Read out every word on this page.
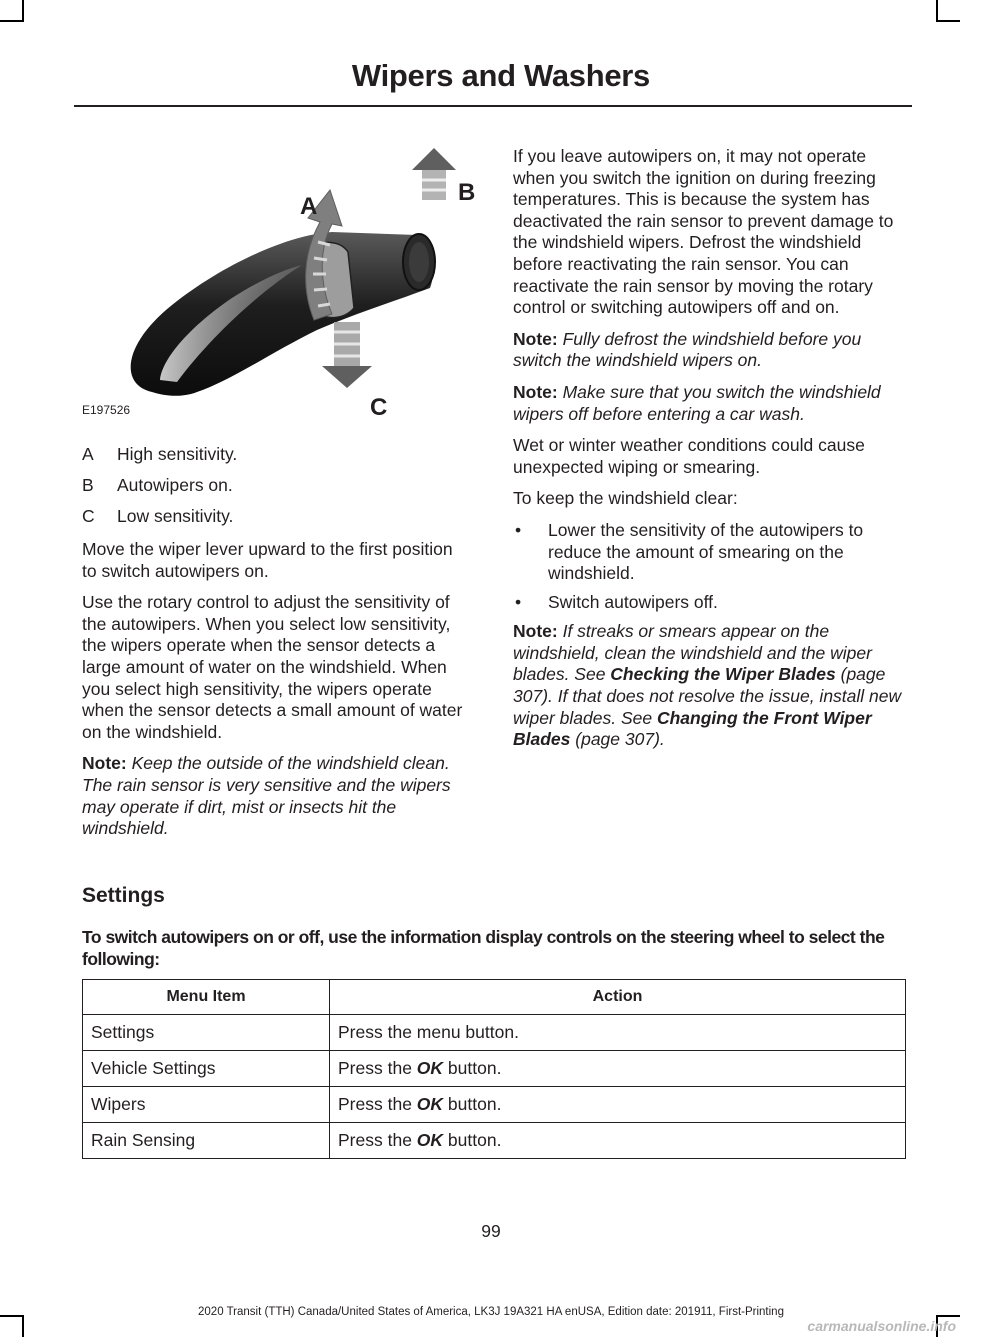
Wipers and Washers
A
B
C
E197526
A	High sensitivity.
B	Autowipers on.
C	Low sensitivity.

Move the wiper lever upward to the first position to switch autowipers on.

Use the rotary control to adjust the sensitivity of the autowipers. When you select low sensitivity, the wipers operate when the sensor detects a large amount of water on the windshield. When you select high sensitivity, the wipers operate when the sensor detects a small amount of water on the windshield.

Note: Keep the outside of the windshield clean. The rain sensor is very sensitive and the wipers may operate if dirt, mist or insects hit the windshield.

If you leave autowipers on, it may not operate when you switch the ignition on during freezing temperatures. This is because the system has deactivated the rain sensor to prevent damage to the windshield wipers. Defrost the windshield before reactivating the rain sensor. You can reactivate the rain sensor by moving the rotary control or switching autowipers off and on.

Note: Fully defrost the windshield before you switch the windshield wipers on.

Note: Make sure that you switch the windshield wipers off before entering a car wash.

Wet or winter weather conditions could cause unexpected wiping or smearing.

To keep the windshield clear:

• Lower the sensitivity of the autowipers to reduce the amount of smearing on the windshield.
• Switch autowipers off.

Note: If streaks or smears appear on the windshield, clean the windshield and the wiper blades. See Checking the Wiper Blades (page 307). If that does not resolve the issue, install new wiper blades. See Changing the Front Wiper Blades (page 307).

Settings
To switch autowipers on or off, use the information display controls on the steering wheel to select the following:
Menu Item	Action
Settings	Press the menu button.
Vehicle Settings	Press the OK button.
Wipers	Press the OK button.
Rain Sensing	Press the OK button.
99
2020 Transit (TTH) Canada/United States of America, LK3J 19A321 HA enUSA, Edition date: 201911, First-Printing
carmanualsonline.info
